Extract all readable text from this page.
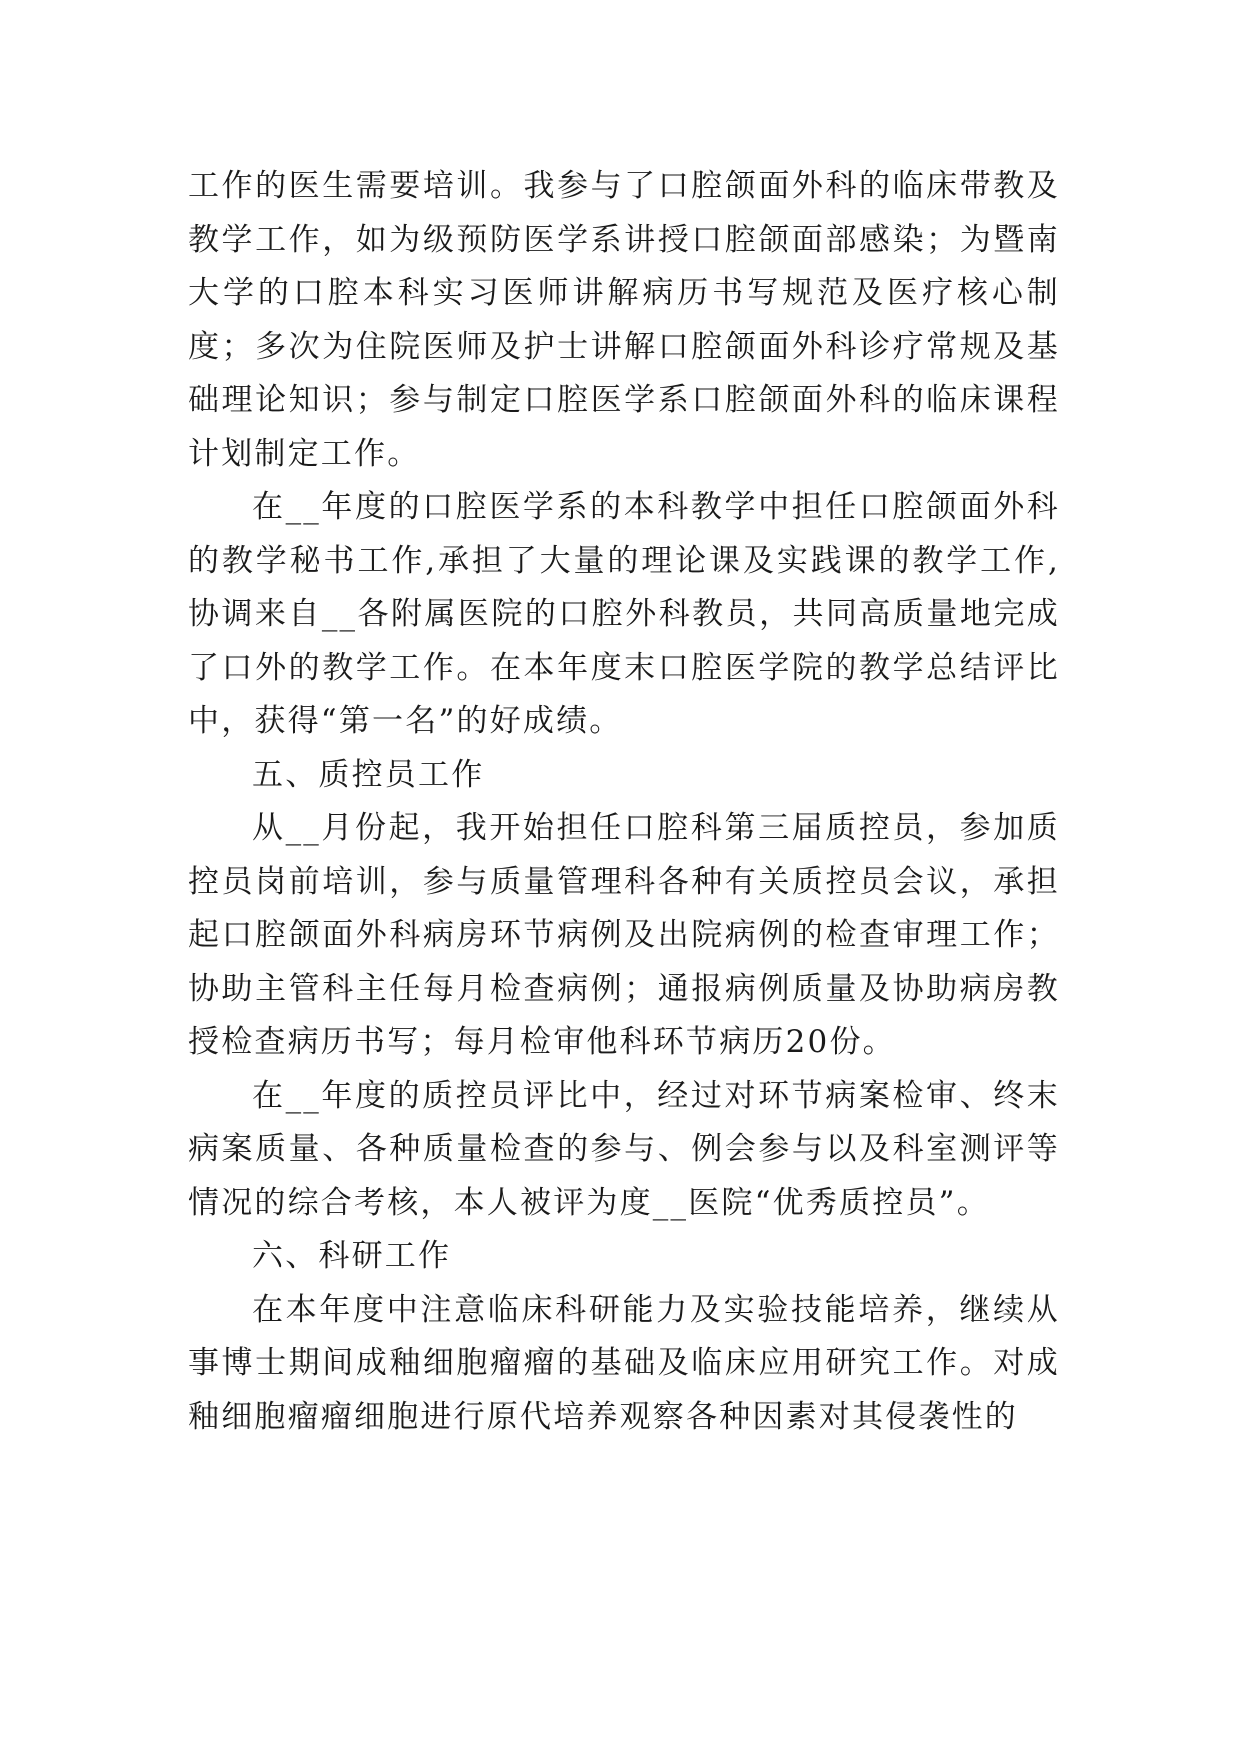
工作的医生需要培训。我参与了口腔颌面外科的临床带教及教学工作，如为级预防医学系讲授口腔颌面部感染；为暨南大学的口腔本科实习医师讲解病历书写规范及医疗核心制度；多次为住院医师及护士讲解口腔颌面外科诊疗常规及基础理论知识；参与制定口腔医学系口腔颌面外科的临床课程计划制定工作。

在__年度的口腔医学系的本科教学中担任口腔颌面外科的教学秘书工作,承担了大量的理论课及实践课的教学工作,协调来自__各附属医院的口腔外科教员，共同高质量地完成了口外的教学工作。在本年度末口腔医学院的教学总结评比中，获得“第一名”的好成绩。

五、质控员工作

从__月份起，我开始担任口腔科第三届质控员，参加质控员岗前培训，参与质量管理科各种有关质控员会议，承担起口腔颌面外科病房环节病例及出院病例的检查审理工作；协助主管科主任每月检查病例；通报病例质量及协助病房教授检查病历书写；每月检审他科环节病历20份。

在__年度的质控员评比中，经过对环节病案检审、终末病案质量、各种质量检查的参与、例会参与以及科室测评等情况的综合考核，本人被评为度__医院“优秀质控员”。

六、科研工作

在本年度中注意临床科研能力及实验技能培养，继续从事博士期间成釉细胞瘤瘤的基础及临床应用研究工作。对成釉细胞瘤瘤细胞进行原代培养观察各种因素对其侵袭性的
